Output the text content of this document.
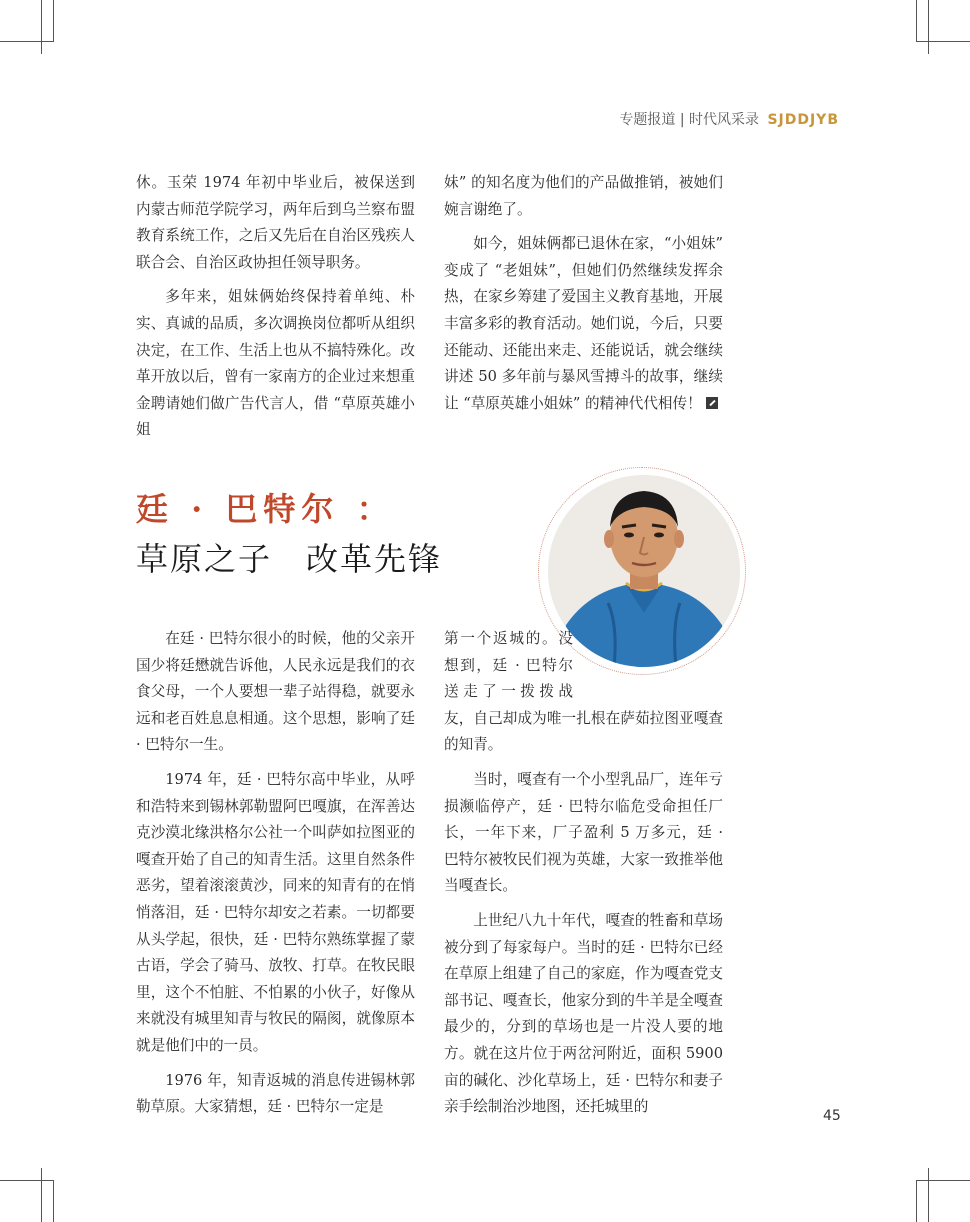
专题报道 | 时代风采录 SJDDJYB

休。玉荣 1974 年初中毕业后，被保送到内蒙古师范学院学习，两年后到乌兰察布盟教育系统工作，之后又先后在自治区残疾人联合会、自治区政协担任领导职务。

多年来，姐妹俩始终保持着单纯、朴实、真诚的品质，多次调换岗位都听从组织决定，在工作、生活上也从不搞特殊化。改革开放以后，曾有一家南方的企业过来想重金聘请她们做广告代言人，借 “草原英雄小姐

妹” 的知名度为他们的产品做推销，被她们婉言谢绝了。

如今，姐妹俩都已退休在家，“小姐妹” 变成了 “老姐妹”，但她们仍然继续发挥余热，在家乡筹建了爱国主义教育基地，开展丰富多彩的教育活动。她们说，今后，只要还能动、还能出来走、还能说话，就会继续讲述 50 多年前与暴风雪搏斗的故事，继续让 “草原英雄小姐妹” 的精神代代相传！

廷 · 巴特尔 ：
草原之子　改革先锋

在廷 · 巴特尔很小的时候，他的父亲开国少将廷懋就告诉他，人民永远是我们的衣食父母，一个人要想一辈子站得稳，就要永远和老百姓息息相通。这个思想，影响了廷 · 巴特尔一生。

1974 年，廷 · 巴特尔高中毕业，从呼和浩特来到锡林郭勒盟阿巴嘎旗，在浑善达克沙漠北缘洪格尔公社一个叫萨如拉图亚的嘎查开始了自己的知青生活。这里自然条件恶劣，望着滚滚黄沙，同来的知青有的在悄悄落泪，廷 · 巴特尔却安之若素。一切都要从头学起，很快，廷 · 巴特尔熟练掌握了蒙古语，学会了骑马、放牧、打草。在牧民眼里，这个不怕脏、不怕累的小伙子，好像从来就没有城里知青与牧民的隔阂，就像原本就是他们中的一员。

1976 年，知青返城的消息传进锡林郭勒草原。大家猜想，廷 · 巴特尔一定是

第一个返城的。没想到，廷 · 巴特尔送走了一拨拨战友，自己却成为唯一扎根在萨茹拉图亚嘎查的知青。

当时，嘎查有一个小型乳品厂，连年亏损濒临停产，廷 · 巴特尔临危受命担任厂长，一年下来，厂子盈利 5 万多元，廷 · 巴特尔被牧民们视为英雄，大家一致推举他当嘎查长。

上世纪八九十年代，嘎查的牲畜和草场被分到了每家每户。当时的廷 · 巴特尔已经在草原上组建了自己的家庭，作为嘎查党支部书记、嘎查长，他家分到的牛羊是全嘎查最少的，分到的草场也是一片没人要的地方。就在这片位于两岔河附近，面积 5900 亩的碱化、沙化草场上，廷 · 巴特尔和妻子亲手绘制治沙地图，还托城里的

45
